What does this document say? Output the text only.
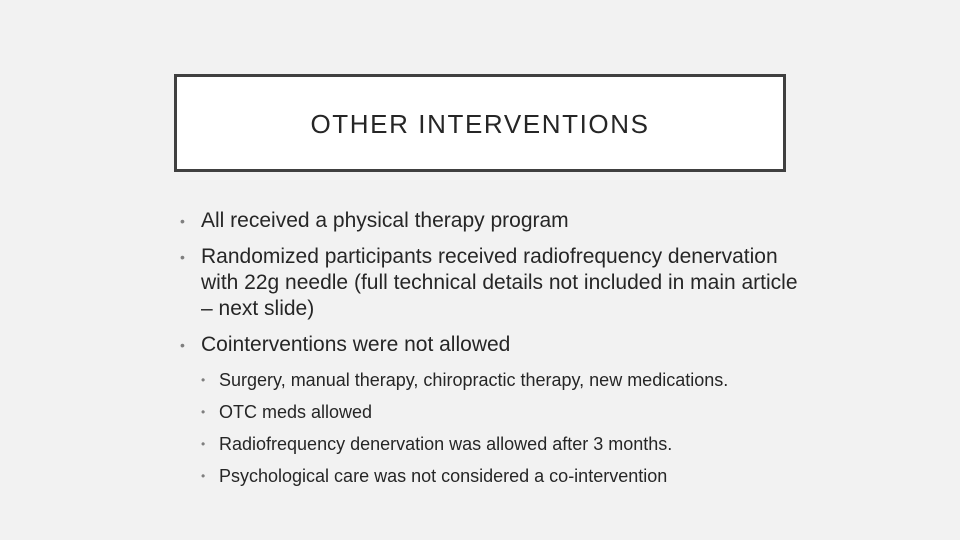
OTHER INTERVENTIONS
• All received a physical therapy program
• Randomized participants received radiofrequency denervation with 22g needle (full technical details not included in main article – next slide)
• Cointerventions were not allowed
• Surgery, manual therapy, chiropractic therapy, new medications.
• OTC meds allowed
• Radiofrequency denervation was allowed after 3 months.
• Psychological care was not considered a co-intervention
